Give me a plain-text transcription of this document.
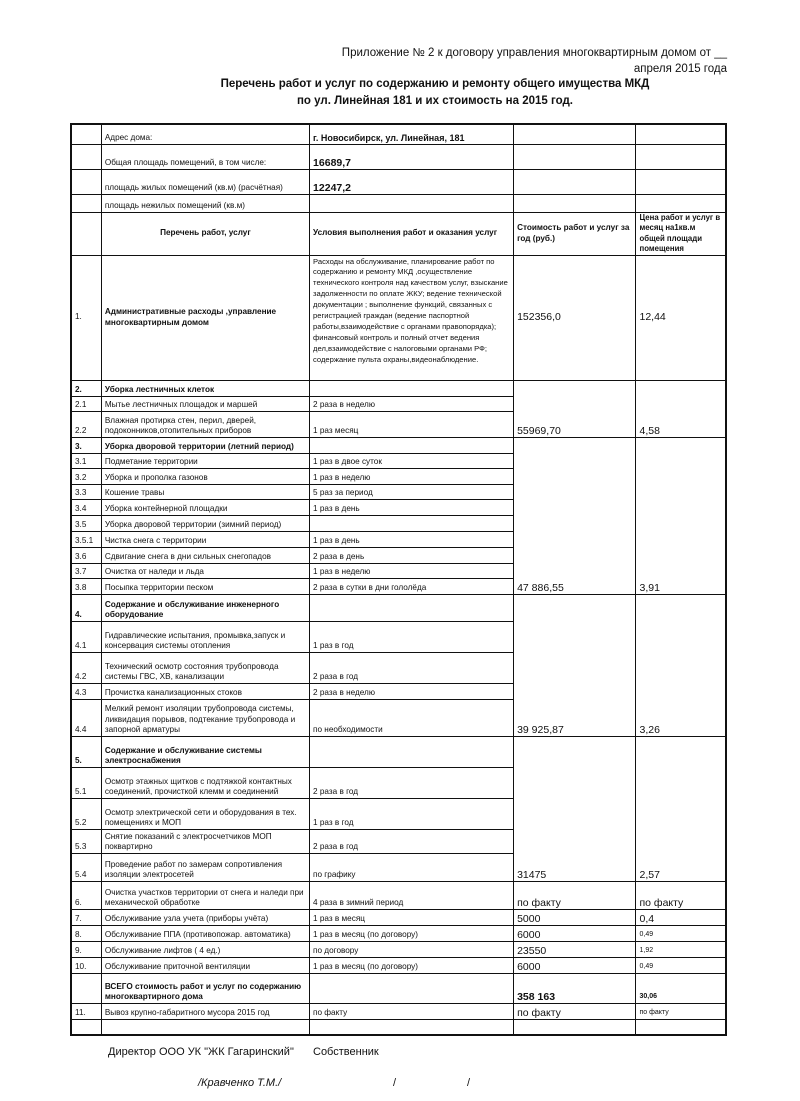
Приложение № 2 к договору управления многоквартирным домом от __
апреля 2015 года
Перечень работ и услуг по содержанию и ремонту общего имущества МКД
по ул. Линейная 181 и их стоимость на 2015 год.
	Адрес дома:	г. Новосибирск, ул. Линейная, 181		
	Общая площадь помещений, в том числе:	16689,7		
	площадь жилых помещений (кв.м) (расчётная)	12247,2		
	площадь нежилых помещений (кв.м)			
	Перечень работ, услуг	Условия выполнения работ и оказания услуг	Стоимость работ и услуг за год (руб.)	Цена работ и услуг в месяц на1кв.м общей площади помещения
1.	Административные расходы ,управление многоквартирным домом	Расходы на обслуживание, планирование работ по содержанию и ремонту МКД ,осуществление технического контроля над качеством услуг, взыскание задолженности по оплате ЖКУ; ведение технической документации ; выполнение функций, связанных с регистрацией граждан (ведение паспортной работы,взаимодействие с органами правопорядка); финансовый контроль и полный отчет ведения дел,взаимодействие с налоговыми органами РФ; содержание пульта охраны,видеонаблюдение.	152356,0	12,44
2.	Уборка лестничных клеток		55969,70	4,58
2.1	Мытье лестничных площадок и маршей	2 раза в неделю		
2.2	Влажная протирка стен, перил, дверей, подоконников,отопительных приборов	1 раз месяц		
3.	Уборка дворовой территории (летний период)		47 886,55	3,91
3.1	Подметание территории	1 раз в двое суток		
3.2	Уборка и прополка газонов	1 раз в неделю		
3.3	Кошение травы	5 раз за период		
3.4	Уборка контейнерной площадки	1 раз в день		
3.5	Уборка дворовой территории (зимний период)			
3.5.1	Чистка снега с территории	1 раз в день		
3.6	Сдвигание снега в дни сильных снегопадов	2 раза в день		
3.7	Очистка от наледи и льда	1 раз в неделю		
3.8	Посыпка территории песком	2 раза в сутки в дни гололёда		
4.	Содержание и обслуживание инженерного оборудование		39 925,87	3,26
4.1	Гидравлические испытания, промывка,запуск и консервация системы отопления	1 раз в год		
4.2	Технический осмотр состояния трубопровода системы ГВС, ХВ, канализации	2 раза в год		
4.3	Прочистка канализационных стоков	2 раза в неделю		
4.4	Мелкий ремонт изоляции трубопровода системы, ликвидация порывов, подтекание трубопровода и запорной арматуры	по необходимости		
5.	Содержание и обслуживание системы электроснабжения		31475	2,57
5.1	Осмотр этажных щитков с подтяжкой контактных соединений, прочисткой клемм и соединений	2 раза в год		
5.2	Осмотр электрической сети и оборудования в тех. помещениях и МОП	1 раз в год		
5.3	Снятие показаний с электросчетчиков МОП поквартирно	2 раза в год		
5.4	Проведение работ по замерам сопротивления изоляции электросетей	по графику		
6.	Очистка участков территории от снега и наледи при механической обработке	4 раза в зимний период	по факту	по факту
7.	Обслуживание узла учета (приборы учёта)	1 раз в месяц	5000	0,4
8.	Обслуживание ППА (противопожар. автоматика)	1 раз в месяц (по договору)	6000	0,49
9.	Обслуживание лифтов ( 4 ед.)	по договору	23550	1,92
10.	Обслуживание приточной вентиляции	1 раз в месяц (по договору)	6000	0,49
	ВСЕГО стоимость работ и услуг по содержанию многоквартирного дома		358 163	30,06
11.	Вывоз крупно-габаритного мусора 2015 год	по факту	по факту	по факту

Директор ООО УК "ЖК Гагаринский" Собственник
/Кравченко Т.М./	/	/
